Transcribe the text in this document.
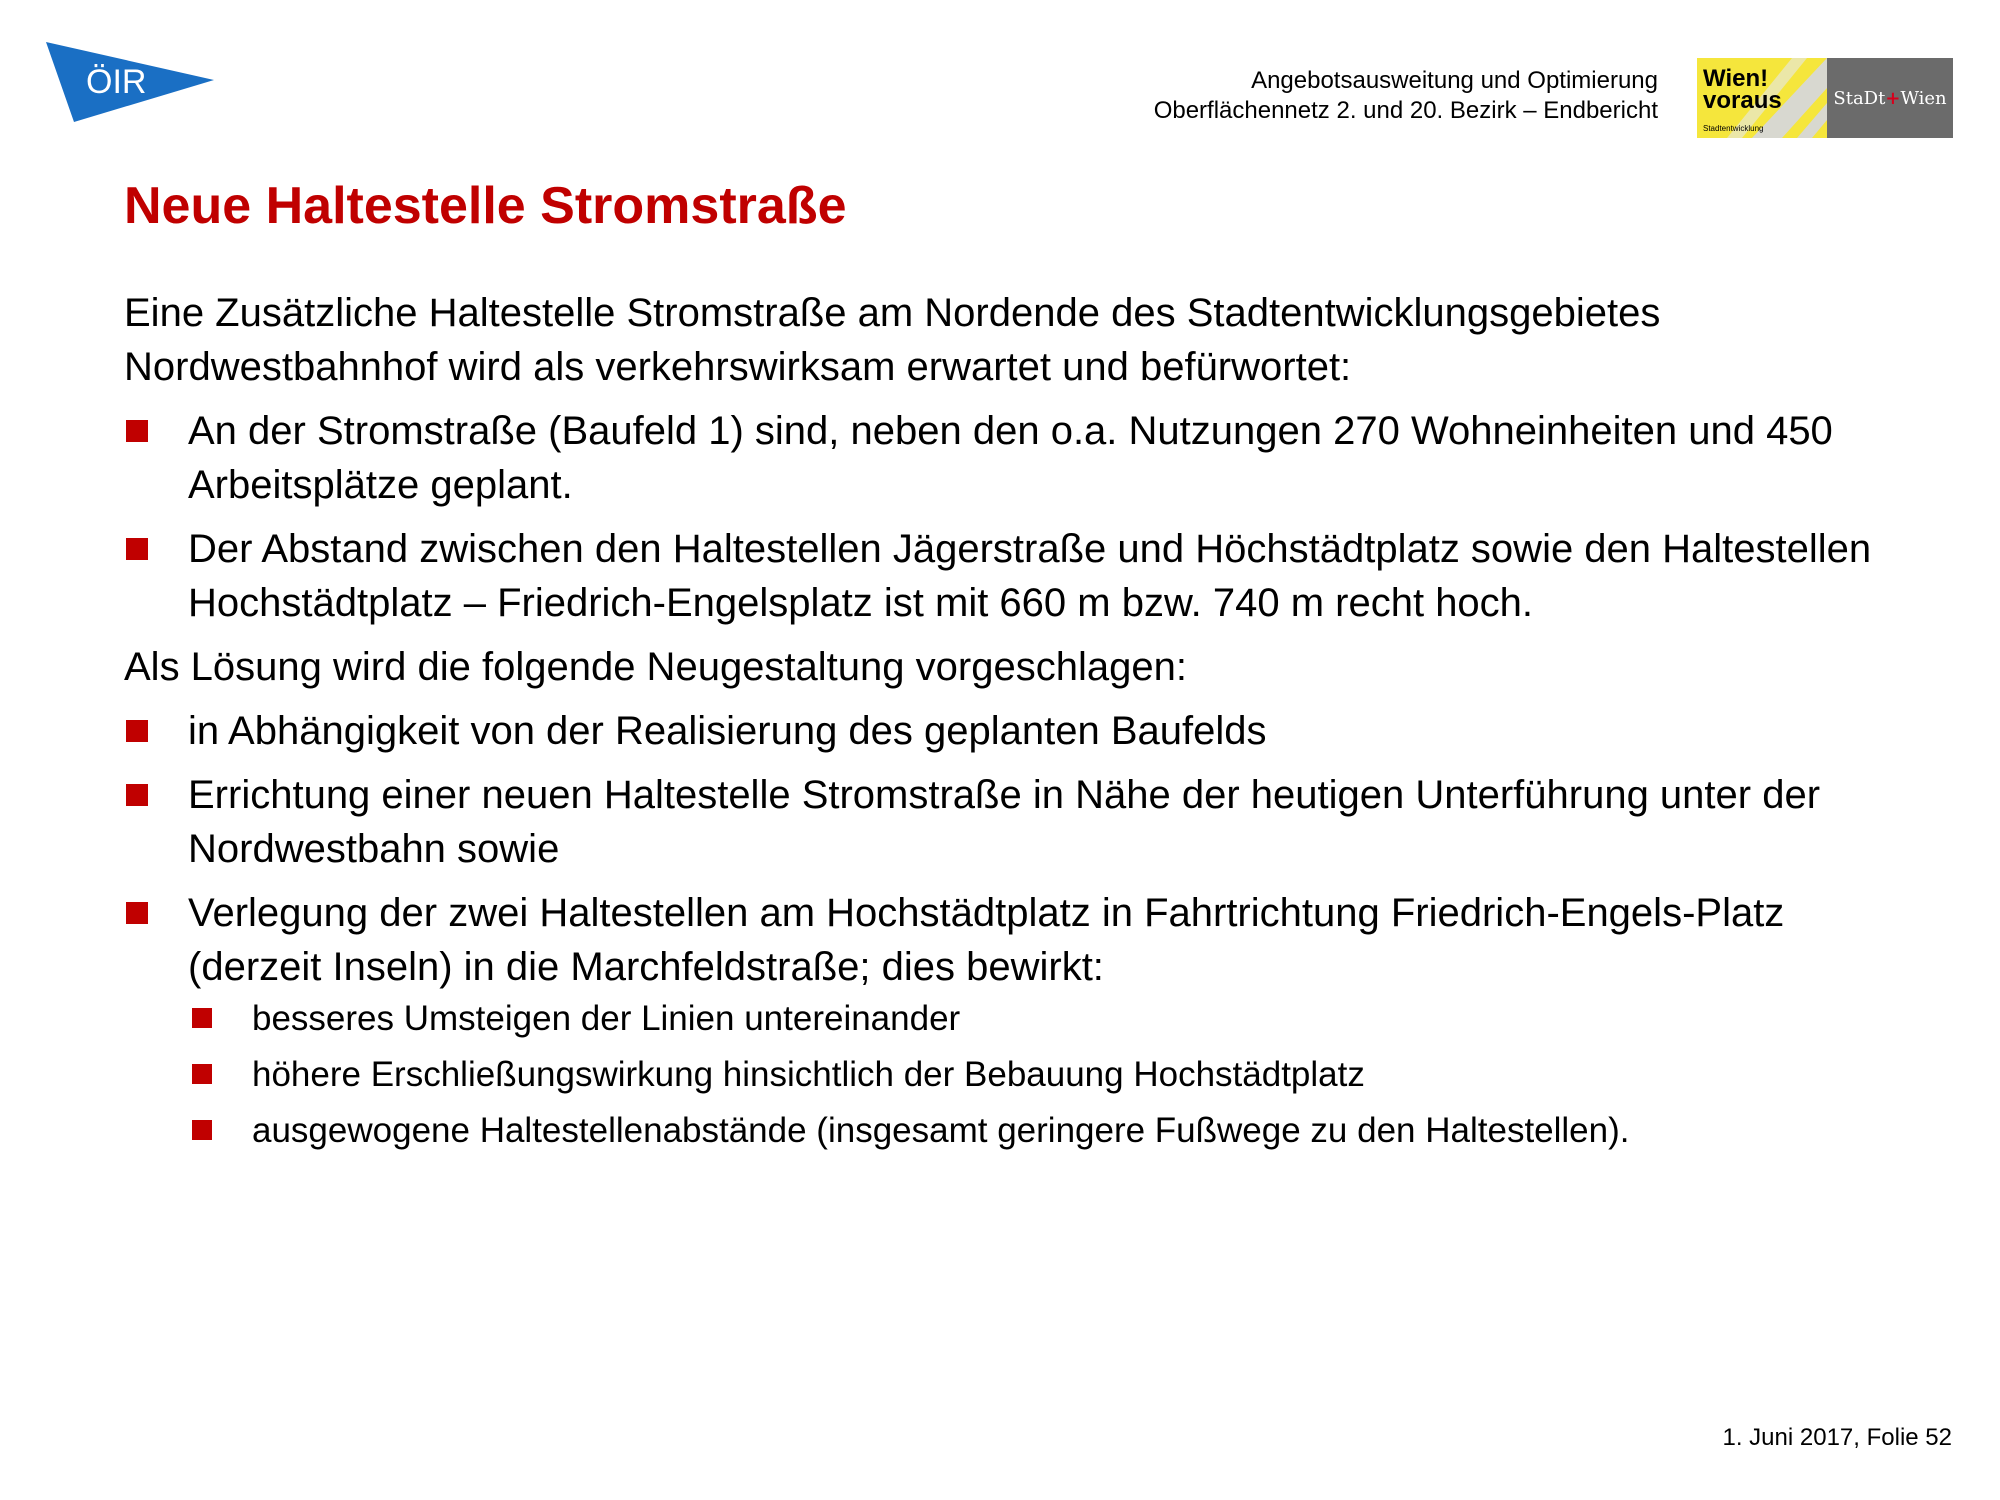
ÖIR	Angebotsausweitung und Optimierung
Oberflächennetz 2. und 20. Bezirk – Endbericht
Wien!
voraus
Stadtentwicklung
StaDt + Wien
Neue Haltestelle Stromstraße

Eine Zusätzliche Haltestelle Stromstraße am Nordende des Stadtentwicklungsgebietes Nordwestbahnhof wird als verkehrswirksam erwartet und befürwortet:

An der Stromstraße (Baufeld 1) sind, neben den o.a. Nutzungen 270 Wohneinheiten und 450 Arbeitsplätze geplant.
Der Abstand zwischen den Haltestellen Jägerstraße und Höchstädtplatz sowie den Haltestellen Hochstädtplatz – Friedrich-Engelsplatz ist mit 660 m bzw. 740 m recht hoch.

Als Lösung wird die folgende Neugestaltung vorgeschlagen:

in Abhängigkeit von der Realisierung des geplanten Baufelds
Errichtung einer neuen Haltestelle Stromstraße in Nähe der heutigen Unterführung unter der Nordwestbahn sowie
Verlegung der zwei Haltestellen am Hochstädtplatz in Fahrtrichtung Friedrich-Engels-Platz (derzeit Inseln) in die Marchfeldstraße; dies bewirkt:
besseres Umsteigen der Linien untereinander
höhere Erschließungswirkung hinsichtlich der Bebauung Hochstädtplatz
ausgewogene Haltestellenabstände (insgesamt geringere Fußwege zu den Haltestellen).
1. Juni 2017, Folie 52
